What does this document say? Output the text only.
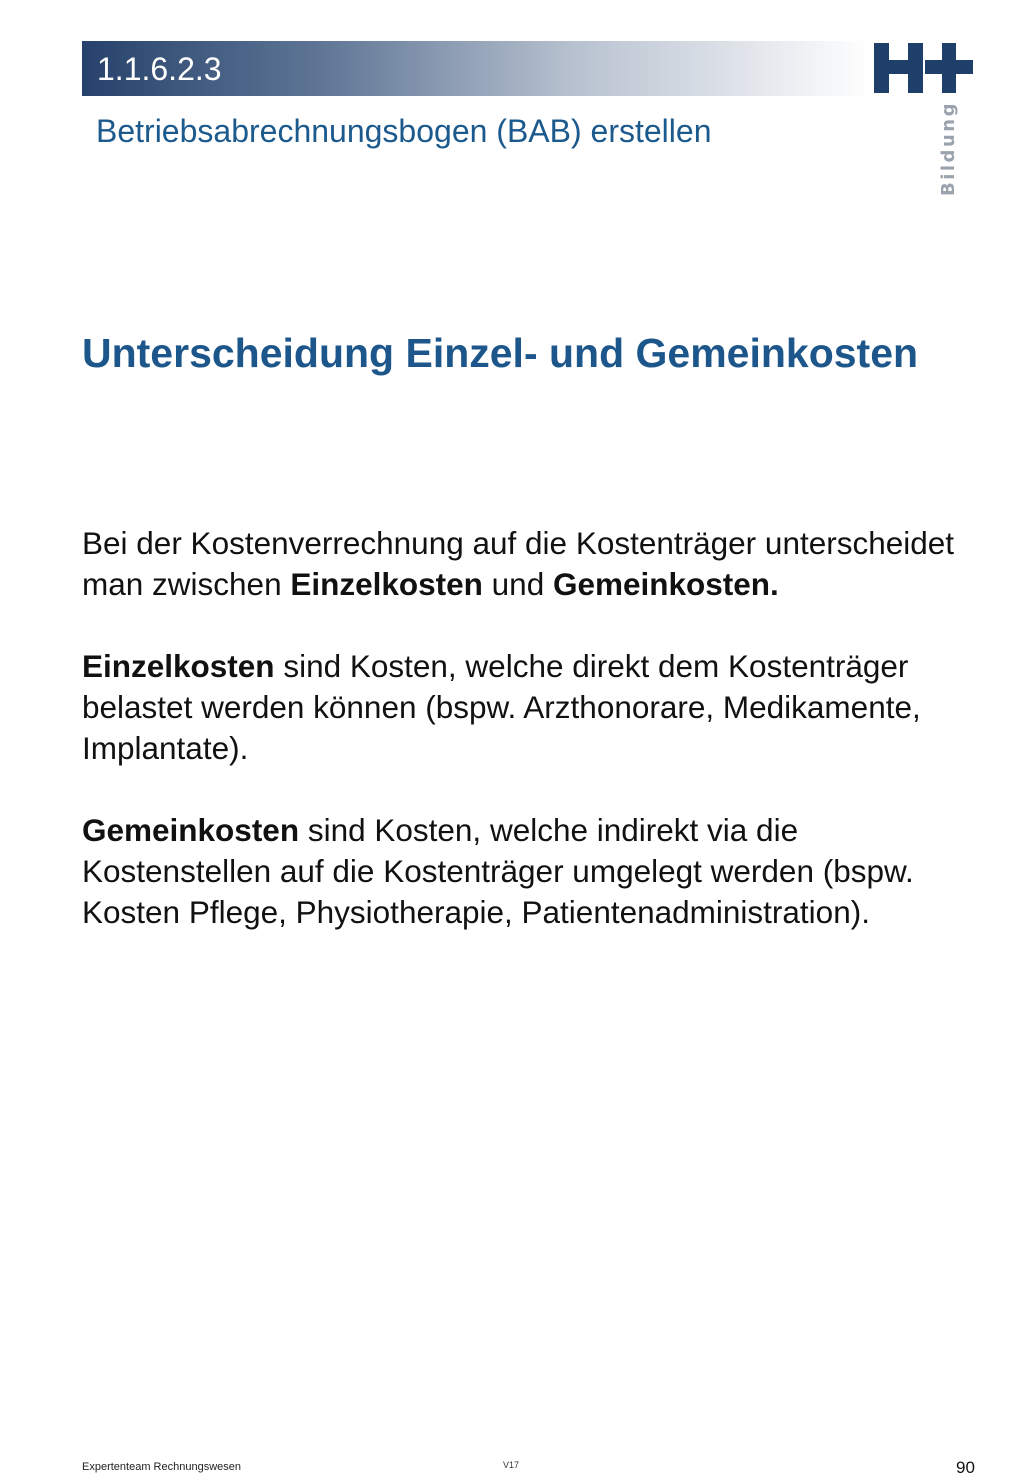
1.1.6.2.3
Betriebsabrechnungsbogen (BAB) erstellen	Bildung
Unterscheidung Einzel- und Gemeinkosten

Bei der Kostenverrechnung auf die Kostenträger unterscheidet man zwischen Einzelkosten und Gemeinkosten.

Einzelkosten sind Kosten, welche direkt dem Kostenträger belastet werden können (bspw. Arzthonorare, Medikamente, Implantate).

Gemeinkosten sind Kosten, welche indirekt via die Kostenstellen auf die Kostenträger umgelegt werden (bspw. Kosten Pflege, Physiotherapie, Patientenadministration).

Expertenteam Rechnungswesen	V17	90
